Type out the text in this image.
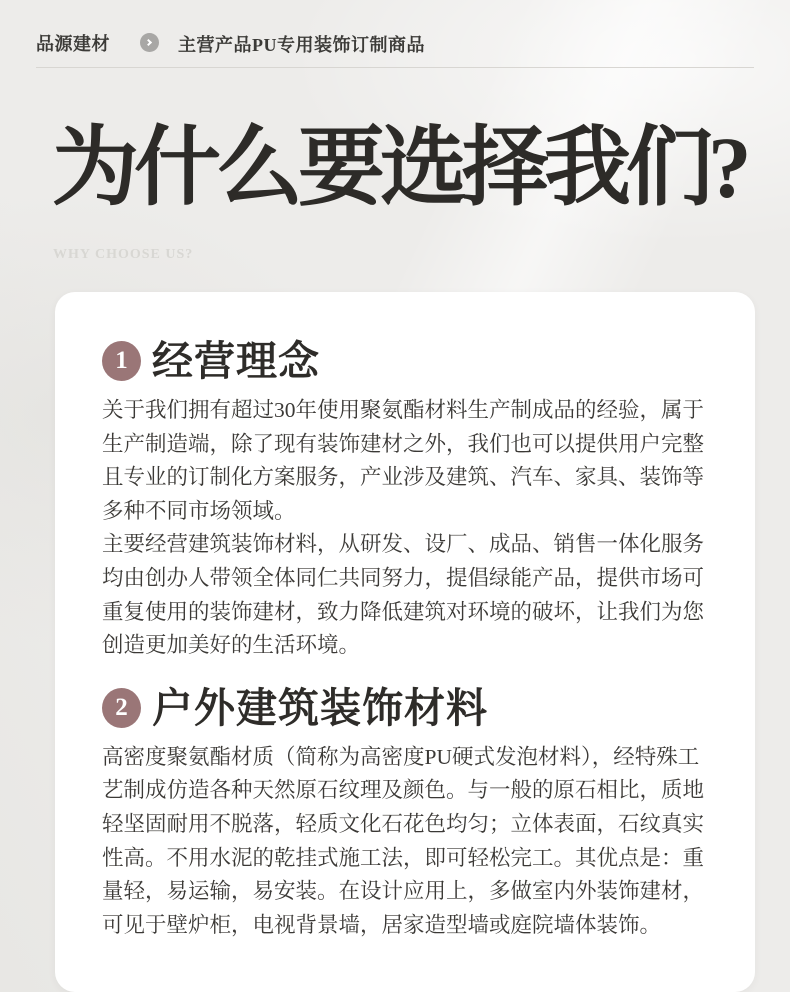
品源建材	主营产品PU专用装饰订制商品
为什么要选择我们?
WHY CHOOSE US?
1 经营理念

关于我们拥有超过30年使用聚氨酯材料生产制成品的经验，属于生产制造端，除了现有装饰建材之外，我们也可以提供用户完整且专业的订制化方案服务，产业涉及建筑、汽车、家具、装饰等多种不同市场领域。

主要经营建筑装饰材料，从研发、设厂、成品、销售一体化服务均由创办人带领全体同仁共同努力，提倡绿能产品，提供市场可重复使用的装饰建材，致力降低建筑对环境的破坏，让我们为您创造更加美好的生活环境。

2 户外建筑装饰材料

高密度聚氨酯材质（简称为高密度PU硬式发泡材料），经特殊工艺制成仿造各种天然原石纹理及颜色。与一般的原石相比，质地轻坚固耐用不脱落，轻质文化石花色均匀；立体表面，石纹真实性高。不用水泥的乾挂式施工法，即可轻松完工。其优点是：重量轻，易运输，易安装。在设计应用上，多做室内外装饰建材，可见于壁炉柜，电视背景墙，居家造型墙或庭院墙体装饰。
